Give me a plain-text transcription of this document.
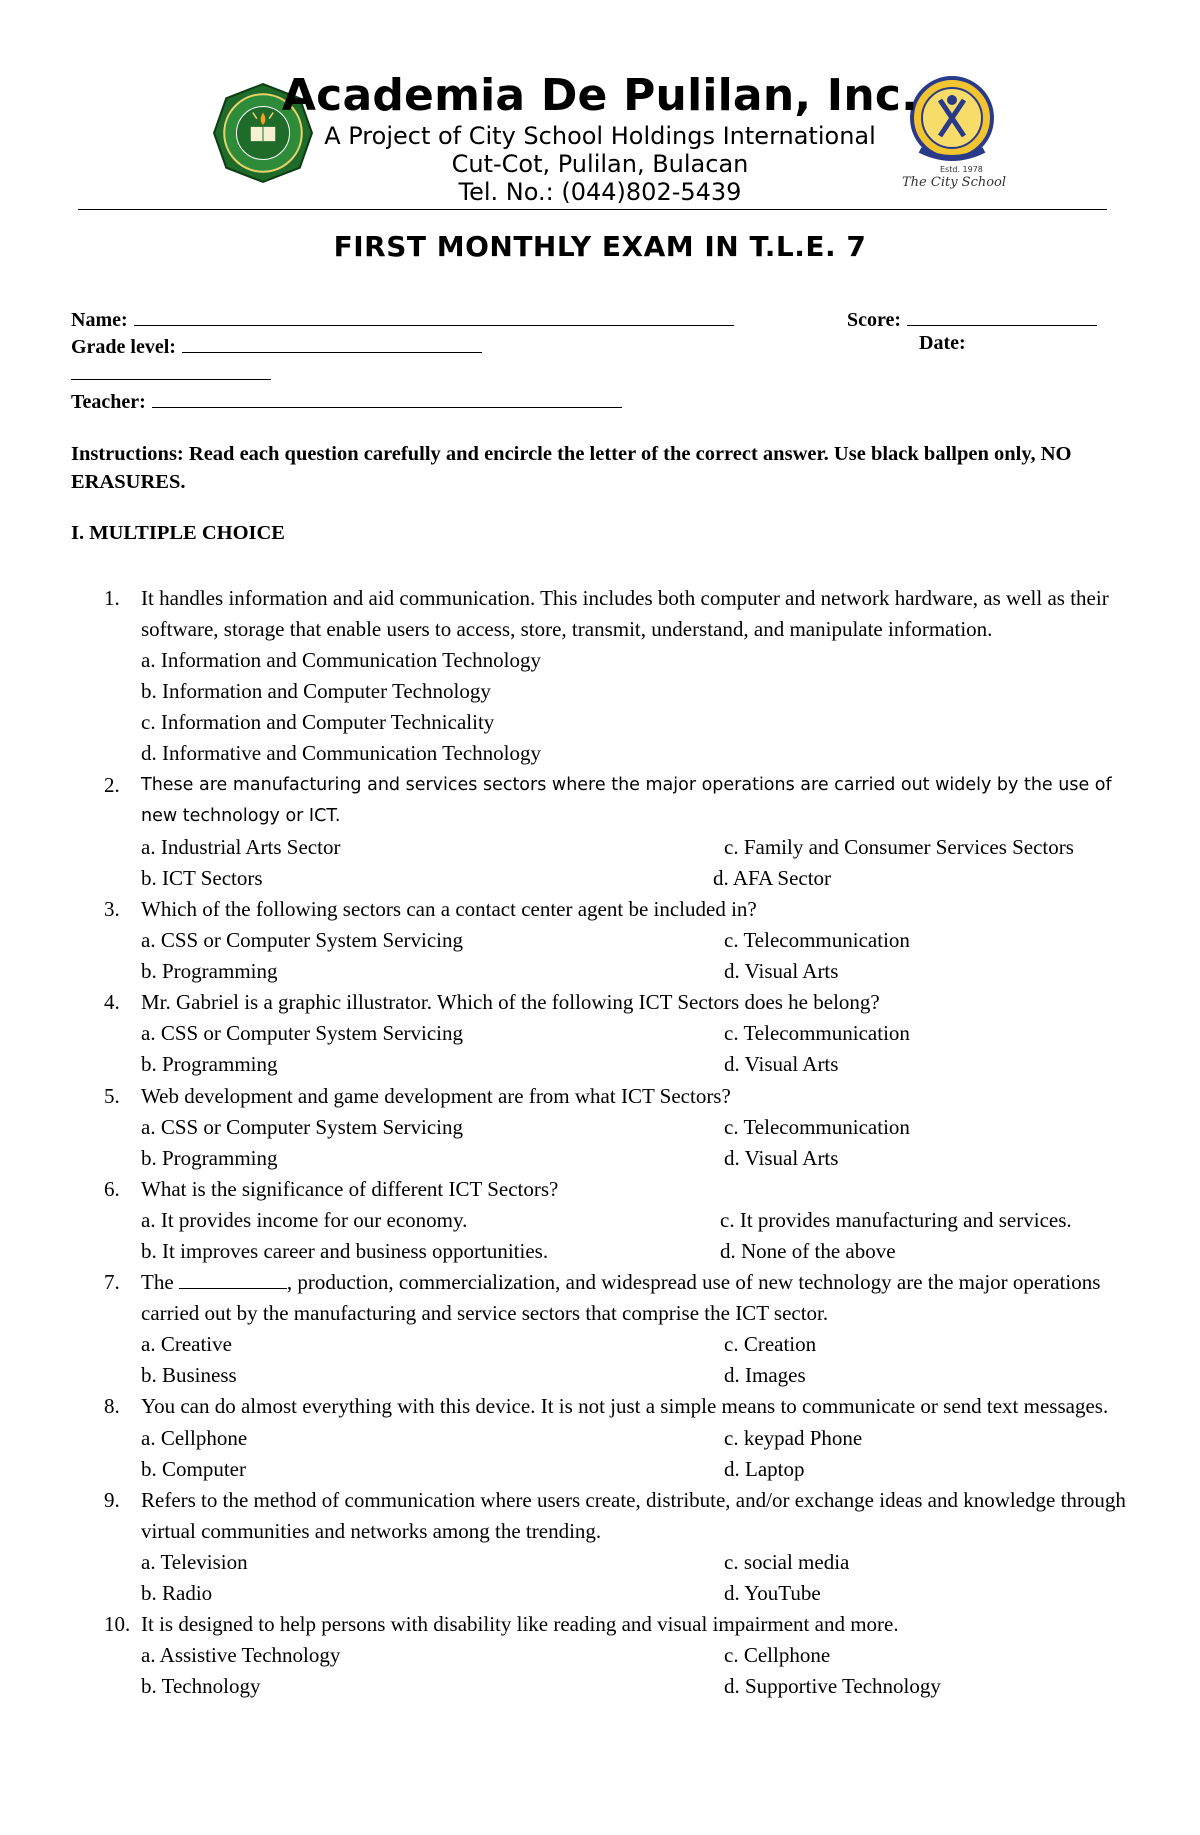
Estd. 1978
The City School
Academia De Pulilan, Inc.
A Project of City School Holdings International
Cut-Cot, Pulilan, Bulacan
Tel. No.: (044)802-5439
FIRST MONTHLY EXAM IN T.L.E. 7
Name:	Score:
Grade level:	Date:
Teacher:
Instructions: Read each question carefully and encircle the letter of the correct answer. Use black ballpen only, NO ERASURES.
I. MULTIPLE CHOICE
1. It handles information and aid communication. This includes both computer and network hardware, as well as their software, storage that enable users to access, store, transmit, understand, and manipulate information.
a. Information and Communication Technology
b. Information and Computer Technology
c. Information and Computer Technicality
d. Informative and Communication Technology
2. These are manufacturing and services sectors where the major operations are carried out widely by the use of new technology or ICT.
a. Industrial Arts Sector	c. Family and Consumer Services Sectors
b. ICT Sectors	d. AFA Sector
3. Which of the following sectors can a contact center agent be included in?
a. CSS or Computer System Servicing	c. Telecommunication
b. Programming	d. Visual Arts
4. Mr. Gabriel is a graphic illustrator. Which of the following ICT Sectors does he belong?
a. CSS or Computer System Servicing	c. Telecommunication
b. Programming	d. Visual Arts
5. Web development and game development are from what ICT Sectors?
a. CSS or Computer System Servicing	c. Telecommunication
b. Programming	d. Visual Arts
6. What is the significance of different ICT Sectors?
a. It provides income for our economy.	c. It provides manufacturing and services.
b. It improves career and business opportunities.	d. None of the above
7. The	, production, commercialization, and widespread use of new technology are the major operations carried out by the manufacturing and service sectors that comprise the ICT sector.
a. Creative	c. Creation
b. Business	d. Images
8. You can do almost everything with this device. It is not just a simple means to communicate or send text messages.
a. Cellphone	c. keypad Phone
b. Computer	d. Laptop
9. Refers to the method of communication where users create, distribute, and/or exchange ideas and knowledge through virtual communities and networks among the trending.
a. Television	c. social media
b. Radio	d. YouTube
10. It is designed to help persons with disability like reading and visual impairment and more.
a. Assistive Technology	c. Cellphone
b. Technology	d. Supportive Technology
